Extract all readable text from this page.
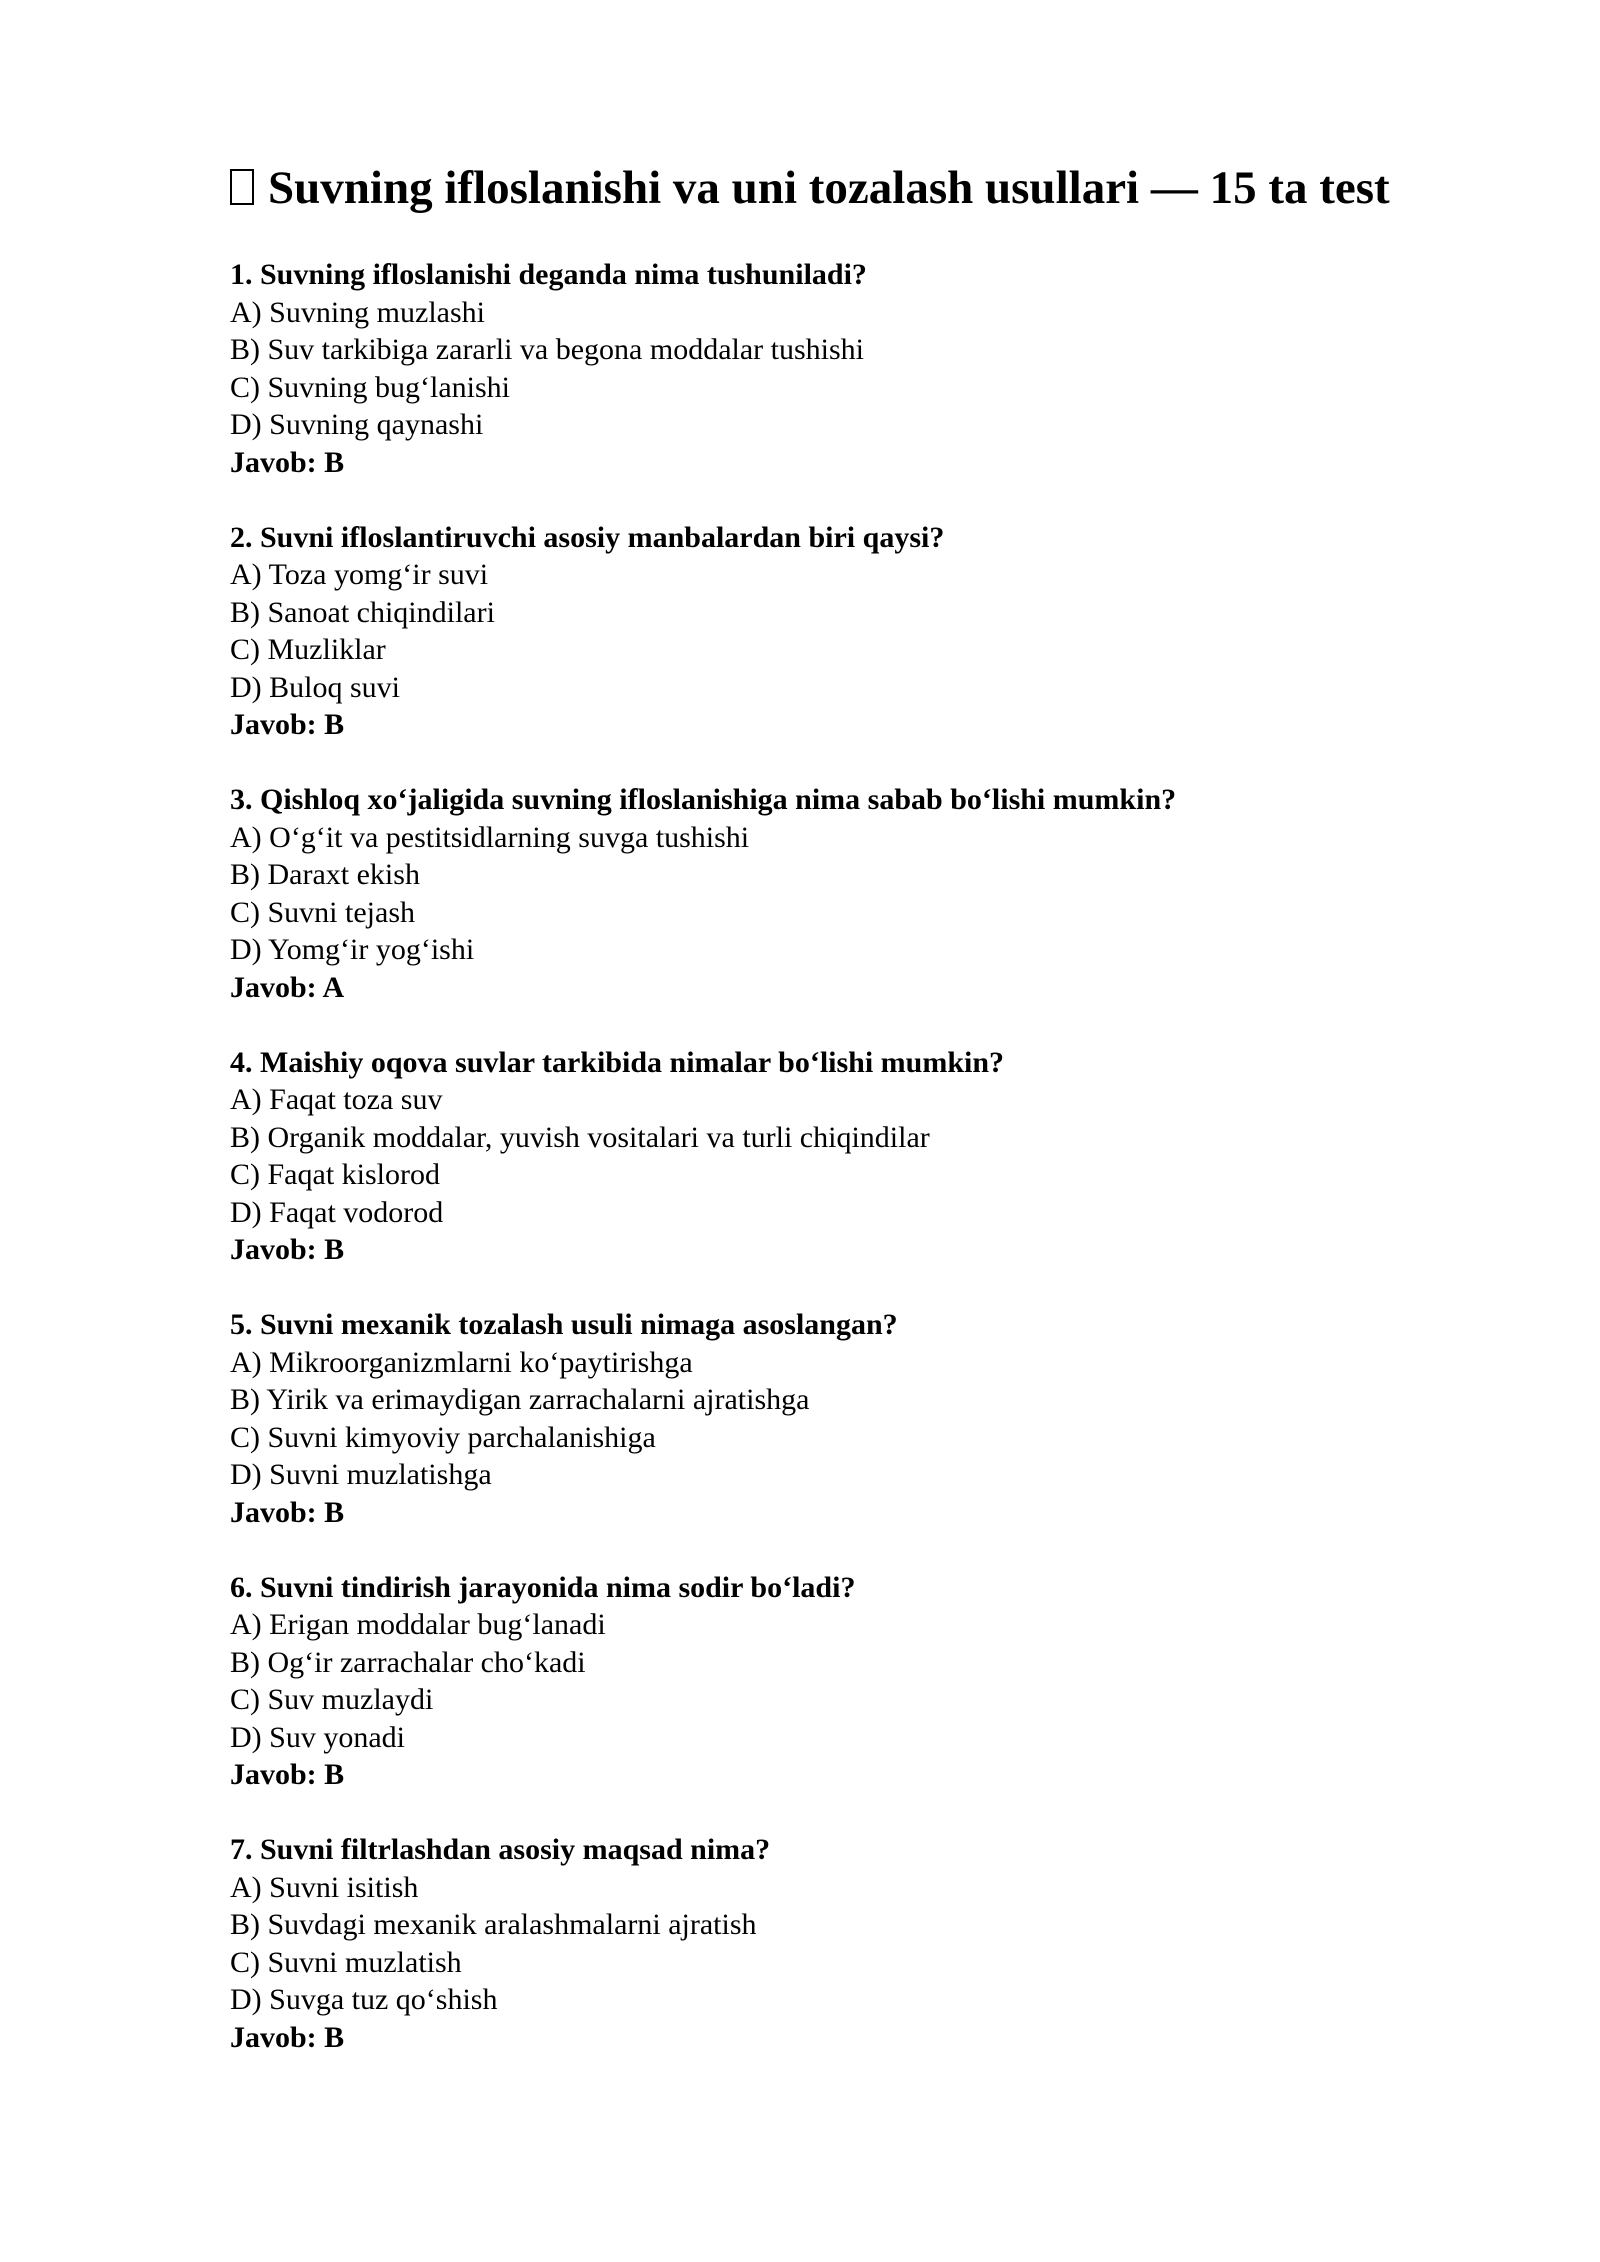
Suvning ifloslanishi va uni tozalash usullari — 15 ta test
1. Suvning ifloslanishi deganda nima tushuniladi?
A) Suvning muzlashi
B) Suv tarkibiga zararli va begona moddalar tushishi
C) Suvning bug‘lanishi
D) Suvning qaynashi
Javob: B
2. Suvni ifloslantiruvchi asosiy manbalardan biri qaysi?
A) Toza yomg‘ir suvi
B) Sanoat chiqindilari
C) Muzliklar
D) Buloq suvi
Javob: B
3. Qishloq xo‘jaligida suvning ifloslanishiga nima sabab bo‘lishi mumkin?
A) O‘g‘it va pestitsidlarning suvga tushishi
B) Daraxt ekish
C) Suvni tejash
D) Yomg‘ir yog‘ishi
Javob: A
4. Maishiy oqova suvlar tarkibida nimalar bo‘lishi mumkin?
A) Faqat toza suv
B) Organik moddalar, yuvish vositalari va turli chiqindilar
C) Faqat kislorod
D) Faqat vodorod
Javob: B
5. Suvni mexanik tozalash usuli nimaga asoslangan?
A) Mikroorganizmlarni ko‘paytirishga
B) Yirik va erimaydigan zarrachalarni ajratishga
C) Suvni kimyoviy parchalanishiga
D) Suvni muzlatishga
Javob: B
6. Suvni tindirish jarayonida nima sodir bo‘ladi?
A) Erigan moddalar bug‘lanadi
B) Og‘ir zarrachalar cho‘kadi
C) Suv muzlaydi
D) Suv yonadi
Javob: B
7. Suvni filtrlashdan asosiy maqsad nima?
A) Suvni isitish
B) Suvdagi mexanik aralashmalarni ajratish
C) Suvni muzlatish
D) Suvga tuz qo‘shish
Javob: B
